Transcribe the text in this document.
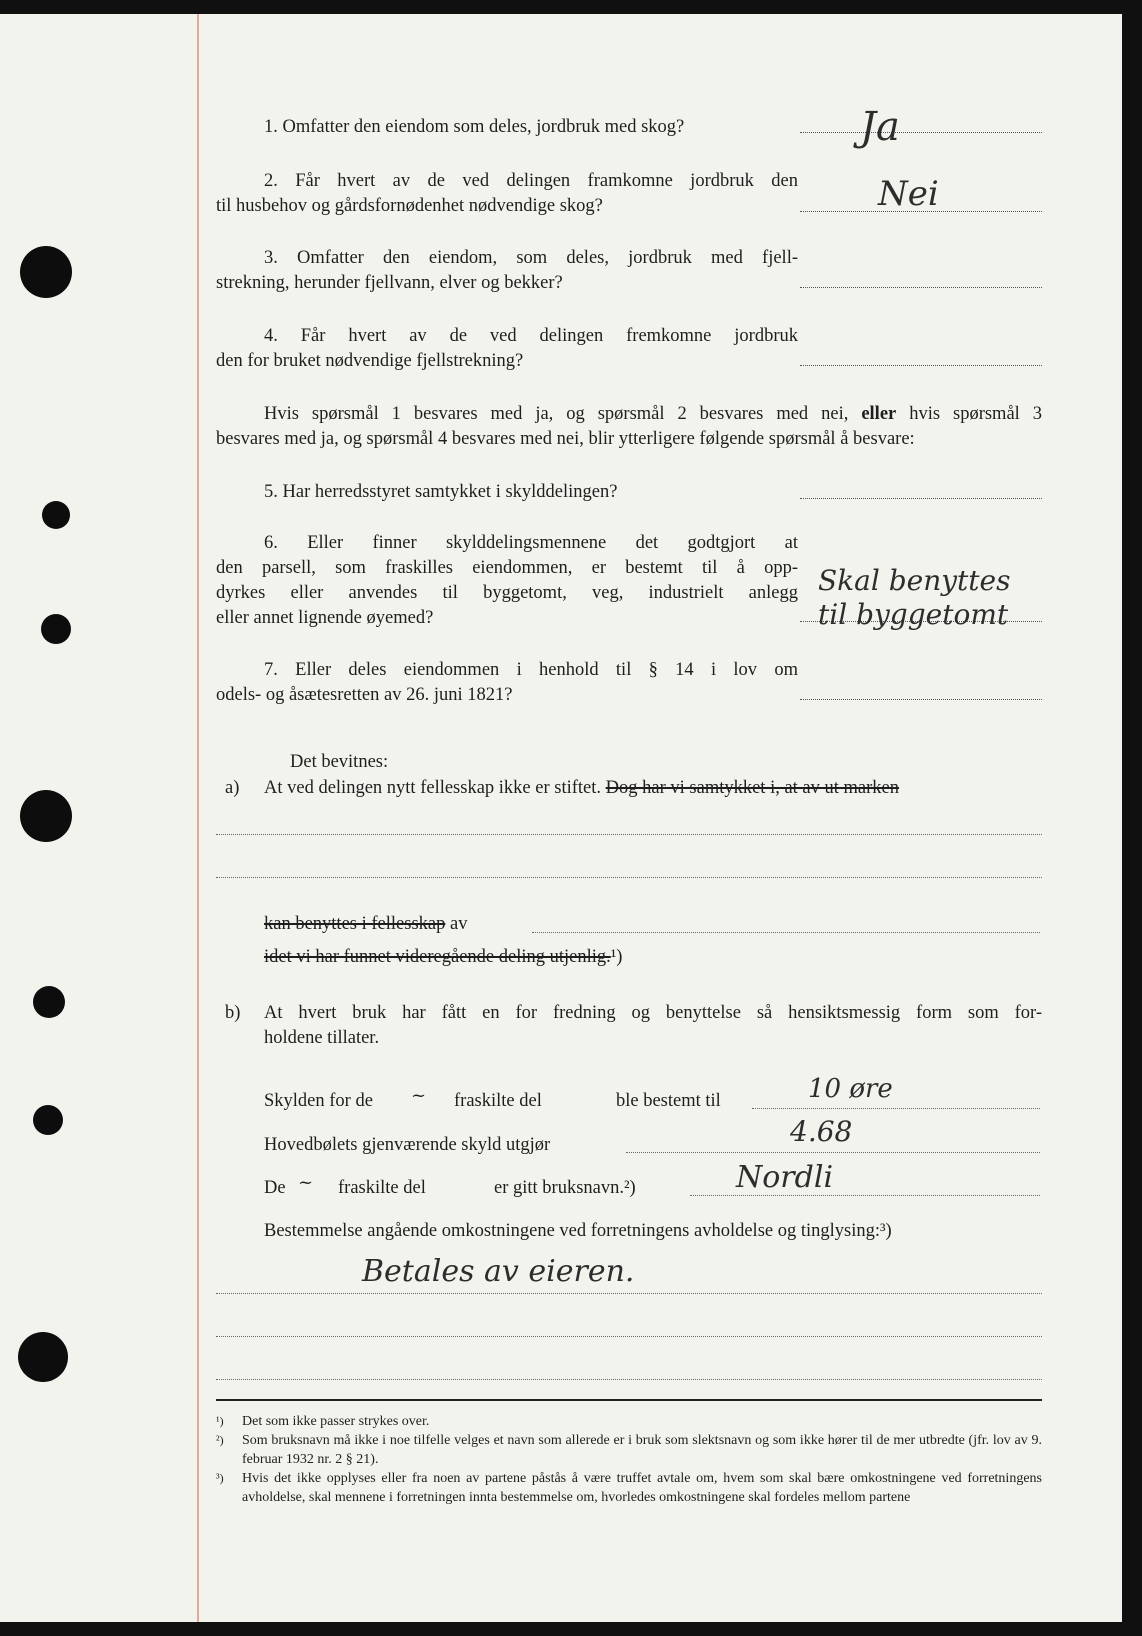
1. Omfatter den eiendom som deles, jordbruk med skog?	Ja

2. Får hvert av de ved delingen framkomne jordbruk den

til husbehov og gårdsfornødenhet nødvendige skog?	Nei

3. Omfatter den eiendom, som deles, jordbruk med fjell-

strekning, herunder fjellvann, elver og bekker?

4. Får hvert av de ved delingen fremkomne jordbruk

den for bruket nødvendige fjellstrekning?

Hvis spørsmål 1 besvares med ja, og spørsmål 2 besvares med nei, eller hvis spørsmål 3

besvares med ja, og spørsmål 4 besvares med nei, blir ytterligere følgende spørsmål å besvare:

5. Har herredsstyret samtykket i skylddelingen?

6. Eller finner skylddelingsmennene det godtgjort at

den parsell, som fraskilles eiendommen, er bestemt til å opp-

dyrkes eller anvendes til byggetomt, veg, industrielt anlegg

eller annet lignende øyemed?

Skal benyttes
til byggetomt

7. Eller deles eiendommen i henhold til § 14 i lov om

odels- og åsætesretten av 26. juni 1821?

Det bevitnes:
a) At ved delingen nytt fellesskap ikke er stiftet. Dog har vi samtykket i, at av ut marken
kan benyttes i fellesskap av
idet vi har funnet videregående deling utjenlig.¹)
b) At hvert bruk har fått en for fredning og benyttelse så hensiktsmessig form som for-

holdene tillater.

Skylden for de ~ fraskilte del	ble bestemt til	10 øre
Hovedbølets gjenværende skyld utgjør	4.68
De ~ fraskilte del	er gitt bruksnavn.²)	Nordli
Bestemmelse angående omkostningene ved forretningens avholdelse og tinglysing:³)
Betales av eieren.
¹)	Det som ikke passer strykes over.
²)	Som bruksnavn må ikke i noe tilfelle velges et navn som allerede er i bruk som slektsnavn og som ikke hører til de mer utbredte (jfr. lov av 9. februar 1932 nr. 2 § 21).
³)	Hvis det ikke opplyses eller fra noen av partene påstås å være truffet avtale om, hvem som skal bære omkostningene ved forretningens avholdelse, skal mennene i forretningen innta bestemmelse om, hvorledes omkostningene skal fordeles mellom partene
